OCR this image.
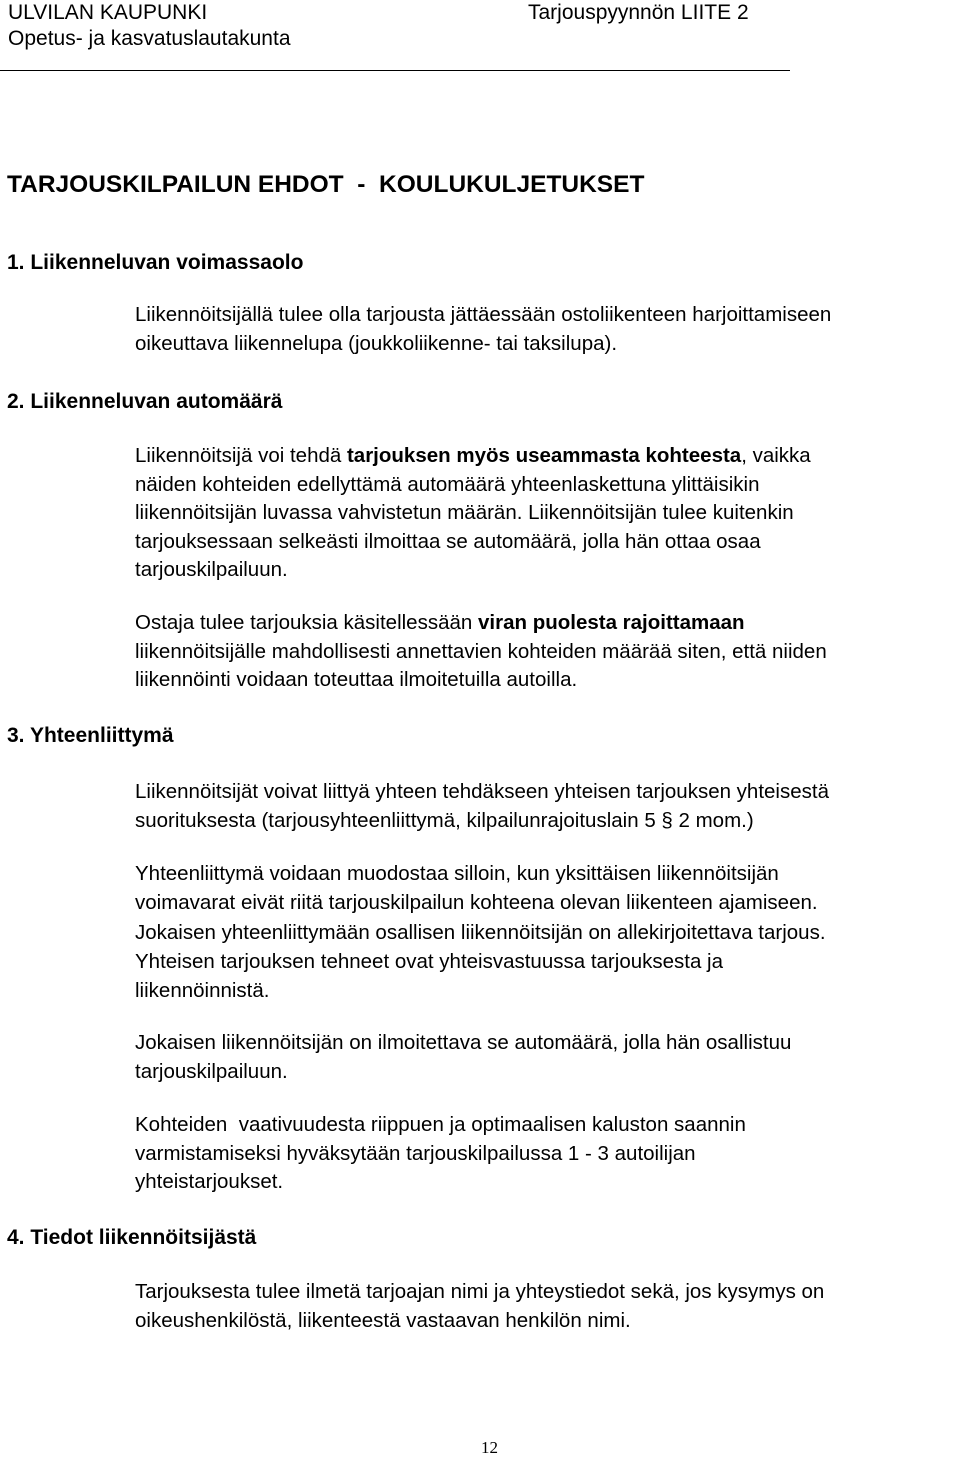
ULVILAN KAUPUNKI
Opetus- ja kasvatuslautakunta
Tarjouspyynnön LIITE 2
TARJOUSKILPAILUN EHDOT  -  KOULUKULJETUKSET
1. Liikenneluvan voimassaolo
Liikennöitsijällä tulee olla tarjousta jättäessään ostoliikenteen harjoittamiseen
oikeuttava liikennelupa (joukkoliikenne- tai taksilupa).
2. Liikenneluvan automäärä
Liikennöitsijä voi tehdä tarjouksen myös useammasta kohteesta, vaikka
näiden kohteiden edellyttämä automäärä yhteenlaskettuna ylittäisikin
liikennöitsijän luvassa vahvistetun määrän. Liikennöitsijän tulee kuitenkin
tarjouksessaan selkeästi ilmoittaa se automäärä, jolla hän ottaa osaa
tarjouskilpailuun.
Ostaja tulee tarjouksia käsitellessään viran puolesta rajoittamaan
liikennöitsijälle mahdollisesti annettavien kohteiden määrää siten, että niiden
liikennöinti voidaan toteuttaa ilmoitetuilla autoilla.
3. Yhteenliittymä
Liikennöitsijät voivat liittyä yhteen tehdäkseen yhteisen tarjouksen yhteisestä
suorituksesta (tarjousyhteenliittymä, kilpailunrajoituslain 5 § 2 mom.)
Yhteenliittymä voidaan muodostaa silloin, kun yksittäisen liikennöitsijän
voimavarat eivät riitä tarjouskilpailun kohteena olevan liikenteen ajamiseen.
Jokaisen yhteenliittymään osallisen liikennöitsijän on allekirjoitettava tarjous.
Yhteisen tarjouksen tehneet ovat yhteisvastuussa tarjouksesta ja
liikennöinnistä.
Jokaisen liikennöitsijän on ilmoitettava se automäärä, jolla hän osallistuu
tarjouskilpailuun.
Kohteiden  vaativuudesta riippuen ja optimaalisen kaluston saannin
varmistamiseksi hyväksytään tarjouskilpailussa 1 - 3 autoilijan
yhteistarjoukset.
4. Tiedot liikennöitsijästä
Tarjouksesta tulee ilmetä tarjoajan nimi ja yhteystiedot sekä, jos kysymys on
oikeushenkilöstä, liikenteestä vastaavan henkilön nimi.
12
